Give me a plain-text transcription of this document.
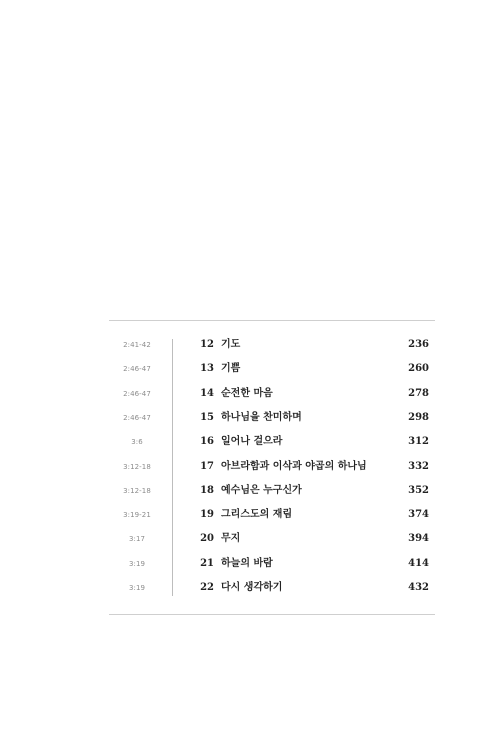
2:41-42	12 기도	236
2:46-47	13 기쁨	260
2:46-47	14 순전한 마음	278
2:46-47	15 하나님을 찬미하며	298
3:6	16 일어나 걸으라	312
3:12-18	17 아브라함과 이삭과 야곱의 하나님	332
3:12-18	18 예수님은 누구신가	352
3:19-21	19 그리스도의 재림	374
3:17	20 무지	394
3:19	21 하늘의 바람	414
3:19	22 다시 생각하기	432
